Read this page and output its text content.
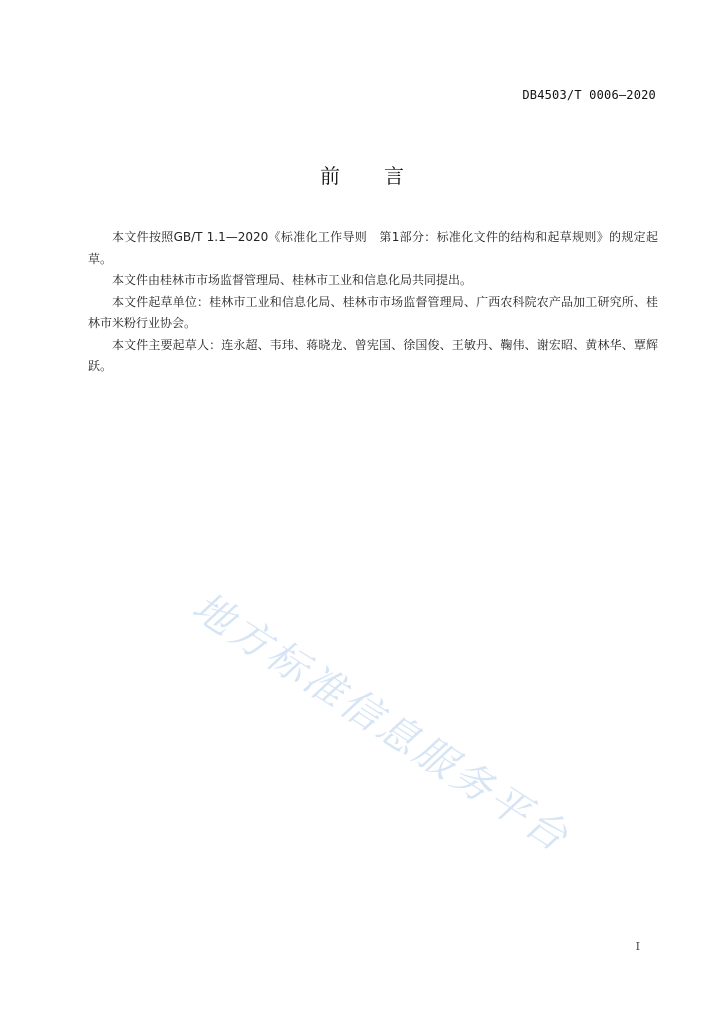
DB4503/T 0006—2020
前言

本文件按照GB/T 1.1—2020《标准化工作导则　第1部分：标准化文件的结构和起草规则》的规定起草。

本文件由桂林市市场监督管理局、桂林市工业和信息化局共同提出。

本文件起草单位：桂林市工业和信息化局、桂林市市场监督管理局、广西农科院农产品加工研究所、桂林市米粉行业协会。

本文件主要起草人：连永超、韦玮、蒋晓龙、曾宪国、徐国俊、王敏丹、鞠伟、谢宏昭、黄林华、覃辉跃。

地方标准信息服务平台
I
